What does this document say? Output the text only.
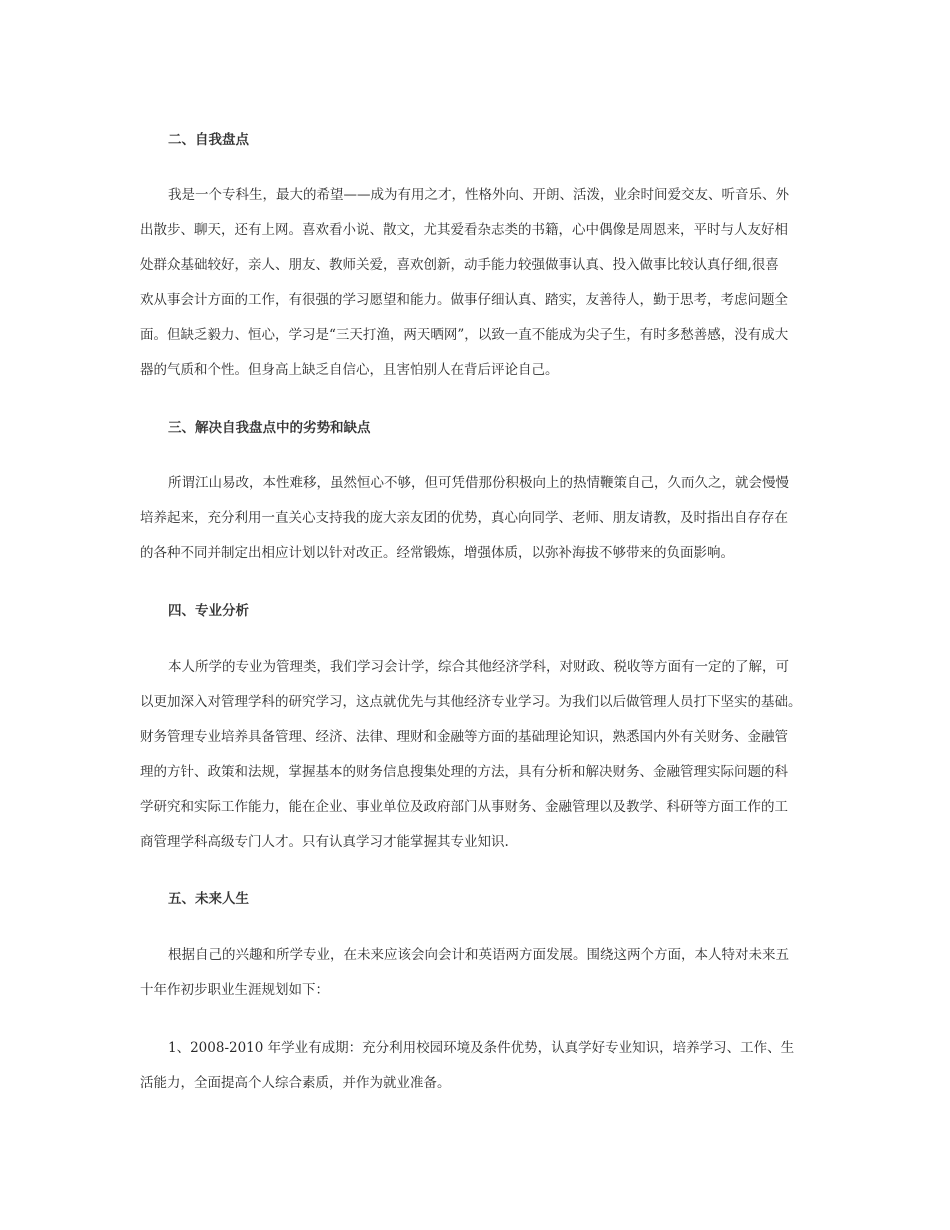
二、自我盘点
我是一个专科生，最大的希望——成为有用之才，性格外向、开朗、活泼，业余时间爱交友、听音乐、外
出散步、聊天，还有上网。喜欢看小说、散文，尤其爱看杂志类的书籍，心中偶像是周恩来，平时与人友好相
处群众基础较好，亲人、朋友、教师关爱，喜欢创新，动手能力较强做事认真、投入做事比较认真仔细,很喜
欢从事会计方面的工作，有很强的学习愿望和能力。做事仔细认真、踏实，友善待人，勤于思考，考虑问题全
面。但缺乏毅力、恒心，学习是“三天打渔，两天晒网”，以致一直不能成为尖子生，有时多愁善感，没有成大
器的气质和个性。但身高上缺乏自信心，且害怕别人在背后评论自己。
三、解决自我盘点中的劣势和缺点
所谓江山易改，本性难移，虽然恒心不够，但可凭借那份积极向上的热情鞭策自己，久而久之，就会慢慢
培养起来，充分利用一直关心支持我的庞大亲友团的优势，真心向同学、老师、朋友请教，及时指出自存存在
的各种不同并制定出相应计划以针对改正。经常锻炼，增强体质，以弥补海拔不够带来的负面影响。
四、专业分析
本人所学的专业为管理类，我们学习会计学，综合其他经济学科，对财政、税收等方面有一定的了解，可
以更加深入对管理学科的研究学习，这点就优先与其他经济专业学习。为我们以后做管理人员打下坚实的基础。
财务管理专业培养具备管理、经济、法律、理财和金融等方面的基础理论知识，熟悉国内外有关财务、金融管
理的方针、政策和法规，掌握基本的财务信息搜集处理的方法，具有分析和解决财务、金融管理实际问题的科
学研究和实际工作能力，能在企业、事业单位及政府部门从事财务、金融管理以及教学、科研等方面工作的工
商管理学科高级专门人才。只有认真学习才能掌握其专业知识.
五、未来人生
根据自己的兴趣和所学专业，在未来应该会向会计和英语两方面发展。围绕这两个方面，本人特对未来五
十年作初步职业生涯规划如下：
1、2008-2010 年学业有成期：充分利用校园环境及条件优势，认真学好专业知识，培养学习、工作、生
活能力，全面提高个人综合素质，并作为就业准备。
